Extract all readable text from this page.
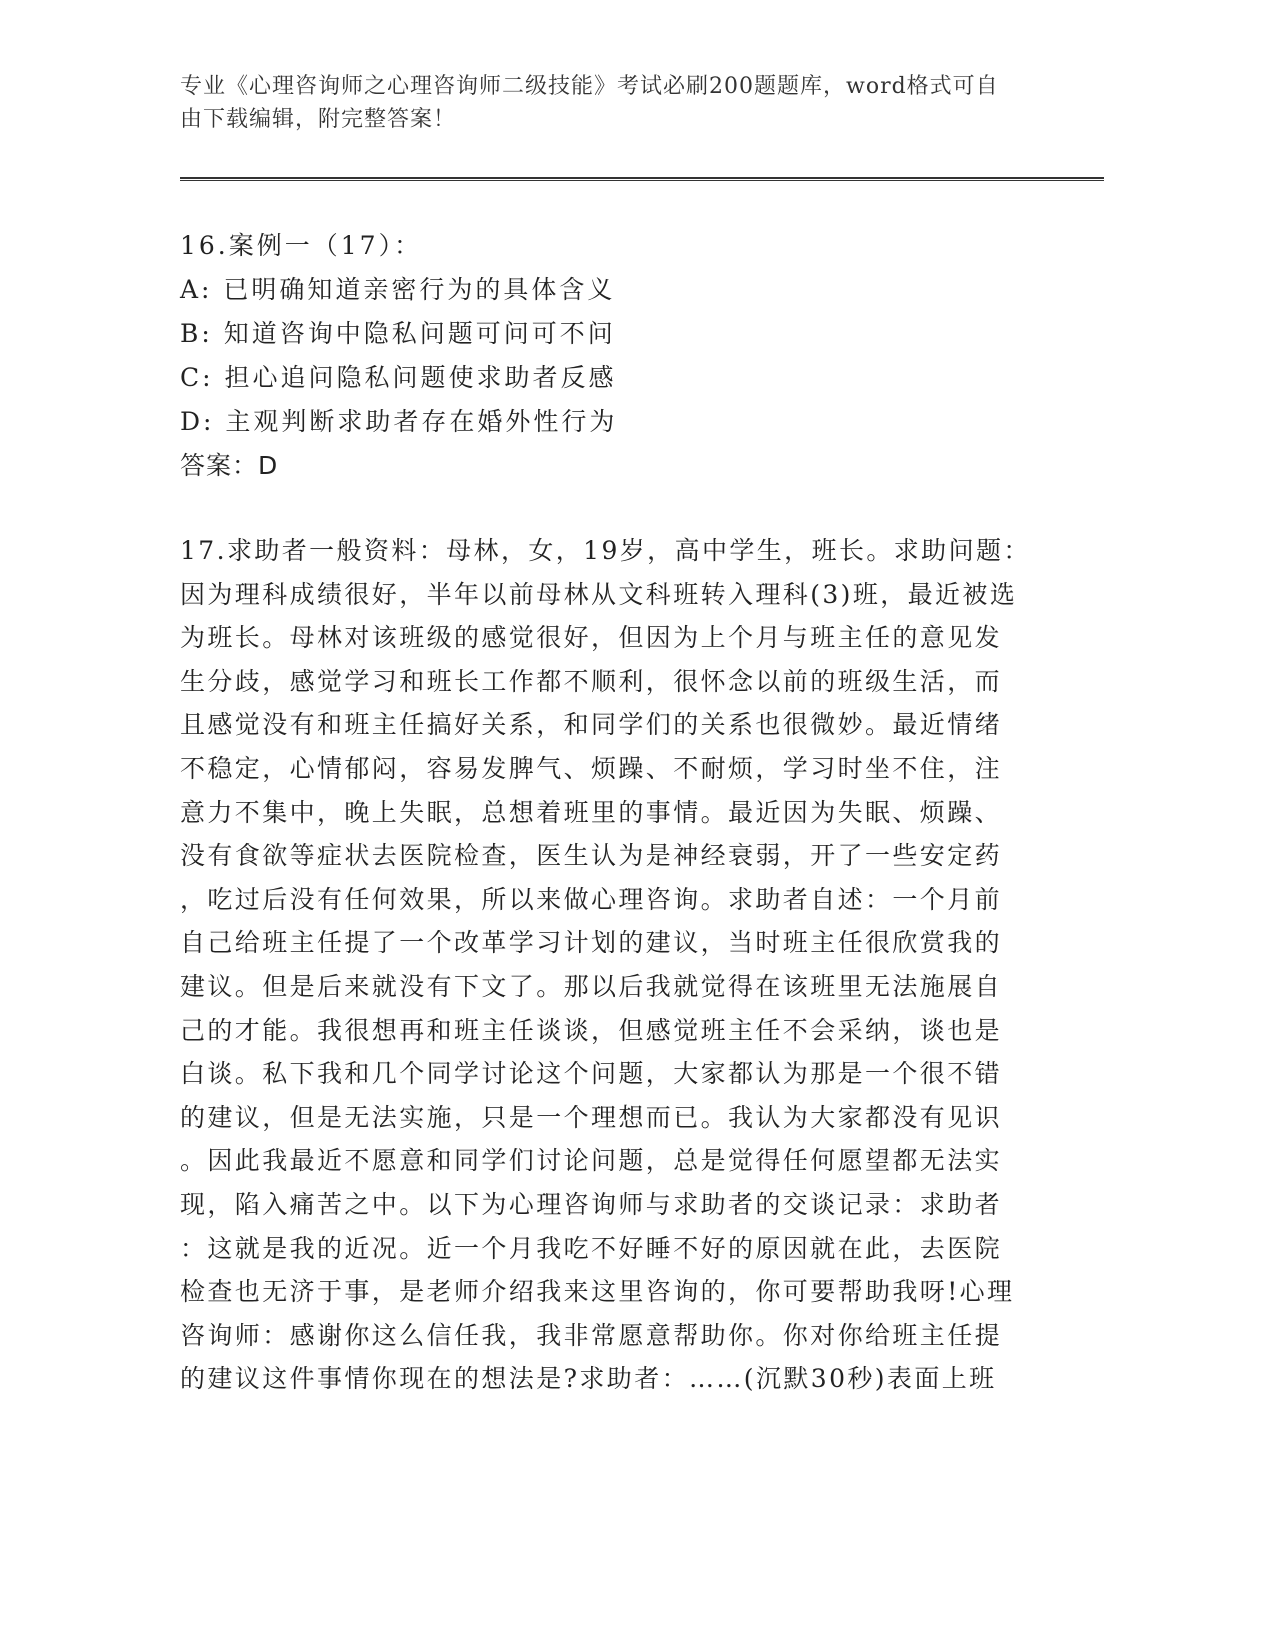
专业《心理咨询师之心理咨询师二级技能》考试必刷200题题库，word格式可自
由下载编辑，附完整答案！
16.案例一（17）：
A: 已明确知道亲密行为的具体含义
B: 知道咨询中隐私问题可问可不问
C: 担心追问隐私问题使求助者反感
D: 主观判断求助者存在婚外性行为
答案：D
17.求助者一般资料：母林，女，19岁，高中学生，班长。求助问题：
因为理科成绩很好，半年以前母林从文科班转入理科(3)班，最近被选
为班长。母林对该班级的感觉很好，但因为上个月与班主任的意见发
生分歧，感觉学习和班长工作都不顺利，很怀念以前的班级生活，而
且感觉没有和班主任搞好关系，和同学们的关系也很微妙。最近情绪
不稳定，心情郁闷，容易发脾气、烦躁、不耐烦，学习时坐不住，注
意力不集中，晚上失眠，总想着班里的事情。最近因为失眠、烦躁、
没有食欲等症状去医院检查，医生认为是神经衰弱，开了一些安定药
，吃过后没有任何效果，所以来做心理咨询。求助者自述：一个月前
自己给班主任提了一个改革学习计划的建议，当时班主任很欣赏我的
建议。但是后来就没有下文了。那以后我就觉得在该班里无法施展自
己的才能。我很想再和班主任谈谈，但感觉班主任不会采纳，谈也是
白谈。私下我和几个同学讨论这个问题，大家都认为那是一个很不错
的建议，但是无法实施，只是一个理想而已。我认为大家都没有见识
。因此我最近不愿意和同学们讨论问题，总是觉得任何愿望都无法实
现，陷入痛苦之中。以下为心理咨询师与求助者的交谈记录：求助者
：这就是我的近况。近一个月我吃不好睡不好的原因就在此，去医院
检查也无济于事，是老师介绍我来这里咨询的，你可要帮助我呀!心理
咨询师：感谢你这么信任我，我非常愿意帮助你。你对你给班主任提
的建议这件事情你现在的想法是?求助者：……(沉默30秒)表面上班
